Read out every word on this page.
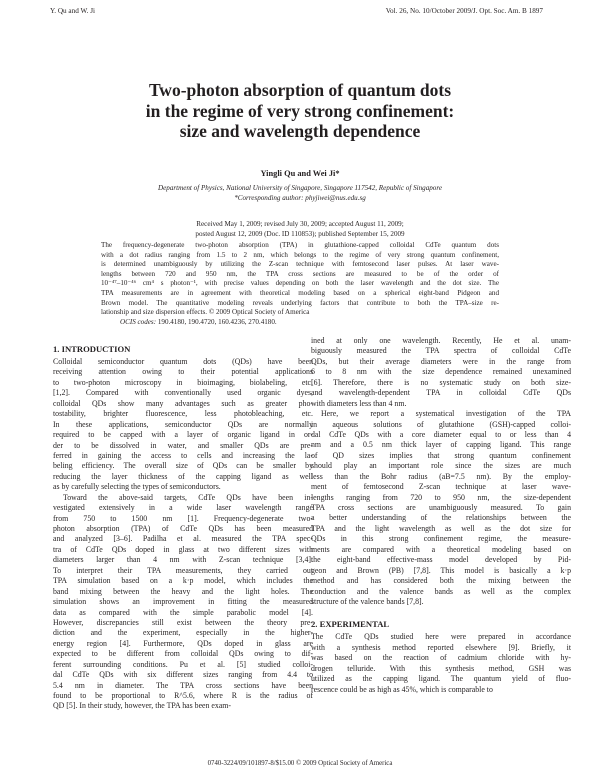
Y. Qu and W. Ji	Vol. 26, No. 10/October 2009/J. Opt. Soc. Am. B 1897
Two-photon absorption of quantum dots
in the regime of very strong confinement:
size and wavelength dependence
Yingli Qu and Wei Ji*
Department of Physics, National University of Singapore, Singapore 117542, Republic of Singapore
*Corresponding author: phyjiwei@nus.edu.sg
Received May 1, 2009; revised July 30, 2009; accepted August 11, 2009;
posted August 12, 2009 (Doc. ID 110853); published September 15, 2009
The frequency-degenerate two-photon absorption (TPA) in glutathione-capped colloidal CdTe quantum dots
with a dot radius ranging from 1.5 to 2 nm, which belongs to the regime of very strong quantum confinement,
is determined unambiguously by utilizing the Z-scan technique with femtosecond laser pulses. At laser wave-
lengths between 720 and 950 nm, the TPA cross sections are measured to be of the order of
10⁻⁴⁷–10⁻⁴⁶ cm⁴ s photon⁻¹, with precise values depending on both the laser wavelength and the dot size. The
TPA measurements are in agreement with theoretical modeling based on a spherical eight-band Pidgeon and
Brown model. The quantitative modeling reveals underlying factors that contribute to both the TPA–size re-
lationship and size dispersion effects. © 2009 Optical Society of America
OCIS codes: 190.4180, 190.4720, 160.4236, 270.4180.
1. INTRODUCTION
Colloidal semiconductor quantum dots (QDs) have been
receiving attention owing to their potential applications
to two-photon microscopy in bioimaging, biolabeling, etc.
[1,2]. Compared with conventionally used organic dyes,
colloidal QDs show many advantages such as greater pho-
tostability, brighter fluorescence, less photobleaching, etc.
In these applications, semiconductor QDs are normally
required to be capped with a layer of organic ligand in or-
der to be dissolved in water, and smaller QDs are pre-
ferred in gaining the access to cells and increasing the la-
beling efficiency. The overall size of QDs can be smaller by
reducing the layer thickness of the capping ligand as well
as by carefully selecting the types of semiconductors.
Toward the above-said targets, CdTe QDs have been in-
vestigated extensively in a wide laser wavelength range
from 750 to 1500 nm [1]. Frequency-degenerate two-
photon absorption (TPA) of CdTe QDs has been measured
and analyzed [3–6]. Padilha et al. measured the TPA spec-
tra of CdTe QDs doped in glass at two different sizes with
diameters larger than 4 nm with Z-scan technique [3,4].
To interpret their TPA measurements, they carried out
TPA simulation based on a k·p model, which includes the
band mixing between the heavy and the light holes. The
simulation shows an improvement in fitting the measured
data as compared with the simple parabolic model [4].
However, discrepancies still exist between the theory pre-
diction and the experiment, especially in the higher-
energy region [4]. Furthermore, QDs doped in glass are
expected to be different from colloidal QDs owing to dif-
ferent surrounding conditions. Pu et al. [5] studied colloi-
dal CdTe QDs with six different sizes ranging from 4.4 to
5.4 nm in diameter. The TPA cross sections have been
found to be proportional to R^5.6, where R is the radius of
QD [5]. In their study, however, the TPA has been exam-
ined at only one wavelength. Recently, He et al. unam-
biguously measured the TPA spectra of colloidal CdTe
QDs, but their average diameters were in the range from
6 to 8 nm with the size dependence remained unexamined
[6]. Therefore, there is no systematic study on both size-
and wavelength-dependent TPA in colloidal CdTe QDs
with diameters less than 4 nm.
Here, we report a systematical investigation of the TPA
in aqueous solutions of glutathione (GSH)-capped colloi-
dal CdTe QDs with a core diameter equal to or less than 4
nm and a 0.5 nm thick layer of capping ligand. This range
of QD sizes implies that strong quantum confinement
should play an important role since the sizes are much
less than the Bohr radius (aB=7.5 nm). By the employ-
ment of femtosecond Z-scan technique at laser wave-
lengths ranging from 720 to 950 nm, the size-dependent
TPA cross sections are unambiguously measured. To gain
a better understanding of the relationships between the
TPA and the light wavelength as well as the dot size for
QDs in this strong confinement regime, the measure-
ments are compared with a theoretical modeling based on
the eight-band effective-mass model developed by Pid-
geon and Brown (PB) [7,8]. This model is basically a k·p
method and has considered both the mixing between the
conduction and the valence bands as well as the complex
structure of the valence bands [7,8].
2. EXPERIMENTAL
The CdTe QDs studied here were prepared in accordance
with a synthesis method reported elsewhere [9]. Briefly, it
was based on the reaction of cadmium chloride with hy-
drogen telluride. With this synthesis method, GSH was
utilized as the capping ligand. The quantum yield of fluo-
rescence could be as high as 45%, which is comparable to
0740-3224/09/101897-8/$15.00 © 2009 Optical Society of America
